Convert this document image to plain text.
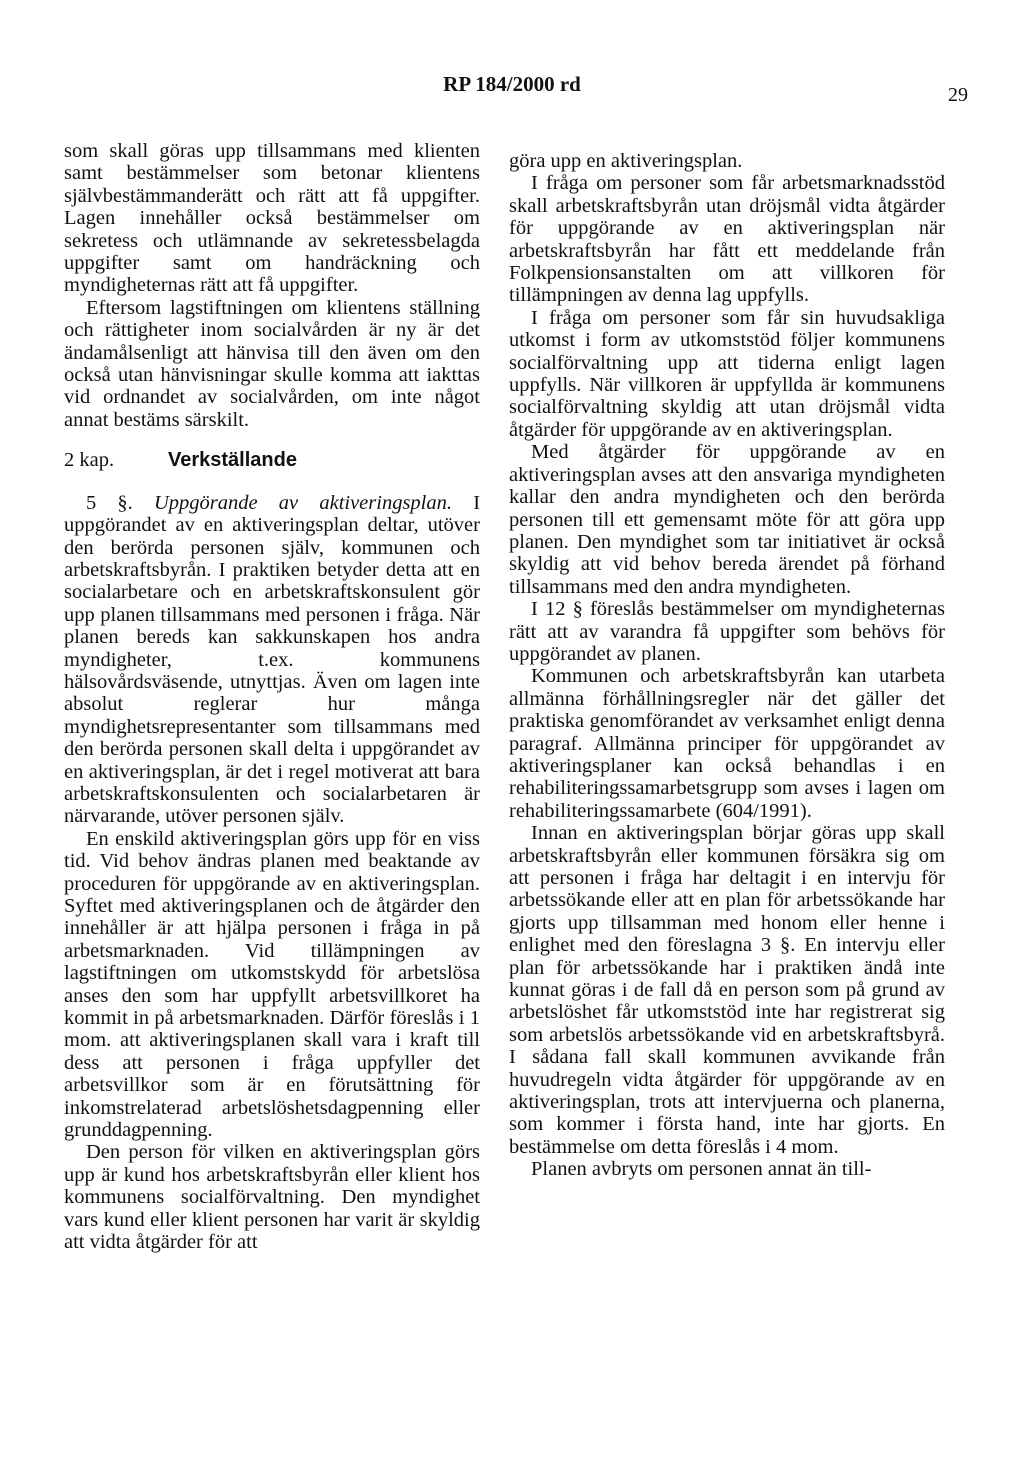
RP 184/2000 rd	29

som skall göras upp tillsammans med klienten samt bestämmelser som betonar klientens självbestämmanderätt och rätt att få uppgifter. Lagen innehåller också bestämmelser om sekretess och utlämnande av sekretessbelagda uppgifter samt om handräckning och myndigheternas rätt att få uppgifter.

Eftersom lagstiftningen om klientens ställning och rättigheter inom socialvården är ny är det ändamålsenligt att hänvisa till den även om den också utan hänvisningar skulle komma att iakttas vid ordnandet av socialvården, om inte något annat bestäms särskilt.

2 kap.	Verkställande

5 §. Uppgörande av aktiveringsplan. I uppgörandet av en aktiveringsplan deltar, utöver den berörda personen själv, kommunen och arbetskraftsbyrån. I praktiken betyder detta att en socialarbetare och en arbetskraftskonsulent gör upp planen tillsammans med personen i fråga. När planen bereds kan sakkunskapen hos andra myndigheter, t.ex. kommunens hälsovårdsväsende, utnyttjas. Även om lagen inte absolut reglerar hur många myndighetsrepresentanter som tillsammans med den berörda personen skall delta i uppgörandet av en aktiveringsplan, är det i regel motiverat att bara arbetskraftskonsulenten och socialarbetaren är närvarande, utöver personen själv.

En enskild aktiveringsplan görs upp för en viss tid. Vid behov ändras planen med beaktande av proceduren för uppgörande av en aktiveringsplan. Syftet med aktiveringsplanen och de åtgärder den innehåller är att hjälpa personen i fråga in på arbetsmarknaden. Vid tillämpningen av lagstiftningen om utkomstskydd för arbetslösa anses den som har uppfyllt arbetsvillkoret ha kommit in på arbetsmarknaden. Därför föreslås i 1 mom. att aktiveringsplanen skall vara i kraft till dess att personen i fråga uppfyller det arbetsvillkor som är en förutsättning för inkomstrelaterad arbetslöshetsdagpenning eller grunddagpenning.

Den person för vilken en aktiveringsplan görs upp är kund hos arbetskraftsbyrån eller klient hos kommunens socialförvaltning. Den myndighet vars kund eller klient personen har varit är skyldig att vidta åtgärder för att

göra upp en aktiveringsplan.

I fråga om personer som får arbetsmarknadsstöd skall arbetskraftsbyrån utan dröjsmål vidta åtgärder för uppgörande av en aktiveringsplan när arbetskraftsbyrån har fått ett meddelande från Folkpensionsanstalten om att villkoren för tillämpningen av denna lag uppfylls.

I fråga om personer som får sin huvudsakliga utkomst i form av utkomststöd följer kommunens socialförvaltning upp att tiderna enligt lagen uppfylls. När villkoren är uppfyllda är kommunens socialförvaltning skyldig att utan dröjsmål vidta åtgärder för uppgörande av en aktiveringsplan.

Med åtgärder för uppgörande av en aktiveringsplan avses att den ansvariga myndigheten kallar den andra myndigheten och den berörda personen till ett gemensamt möte för att göra upp planen. Den myndighet som tar initiativet är också skyldig att vid behov bereda ärendet på förhand tillsammans med den andra myndigheten.

I 12 § föreslås bestämmelser om myndigheternas rätt att av varandra få uppgifter som behövs för uppgörandet av planen.

Kommunen och arbetskraftsbyrån kan utarbeta allmänna förhållningsregler när det gäller det praktiska genomförandet av verksamhet enligt denna paragraf. Allmänna principer för uppgörandet av aktiveringsplaner kan också behandlas i en rehabiliteringssamarbetsgrupp som avses i lagen om rehabiliteringssamarbete (604/1991).

Innan en aktiveringsplan börjar göras upp skall arbetskraftsbyrån eller kommunen försäkra sig om att personen i fråga har deltagit i en intervju för arbetssökande eller att en plan för arbetssökande har gjorts upp tillsamman med honom eller henne i enlighet med den föreslagna 3 §. En intervju eller plan för arbetssökande har i praktiken ändå inte kunnat göras i de fall då en person som på grund av arbetslöshet får utkomststöd inte har registrerat sig som arbetslös arbetssökande vid en arbetskraftsbyrå. I sådana fall skall kommunen avvikande från huvudregeln vidta åtgärder för uppgörande av en aktiveringsplan, trots att intervjuerna och planerna, som kommer i första hand, inte har gjorts. En bestämmelse om detta föreslås i 4 mom.

Planen avbryts om personen annat än till-
